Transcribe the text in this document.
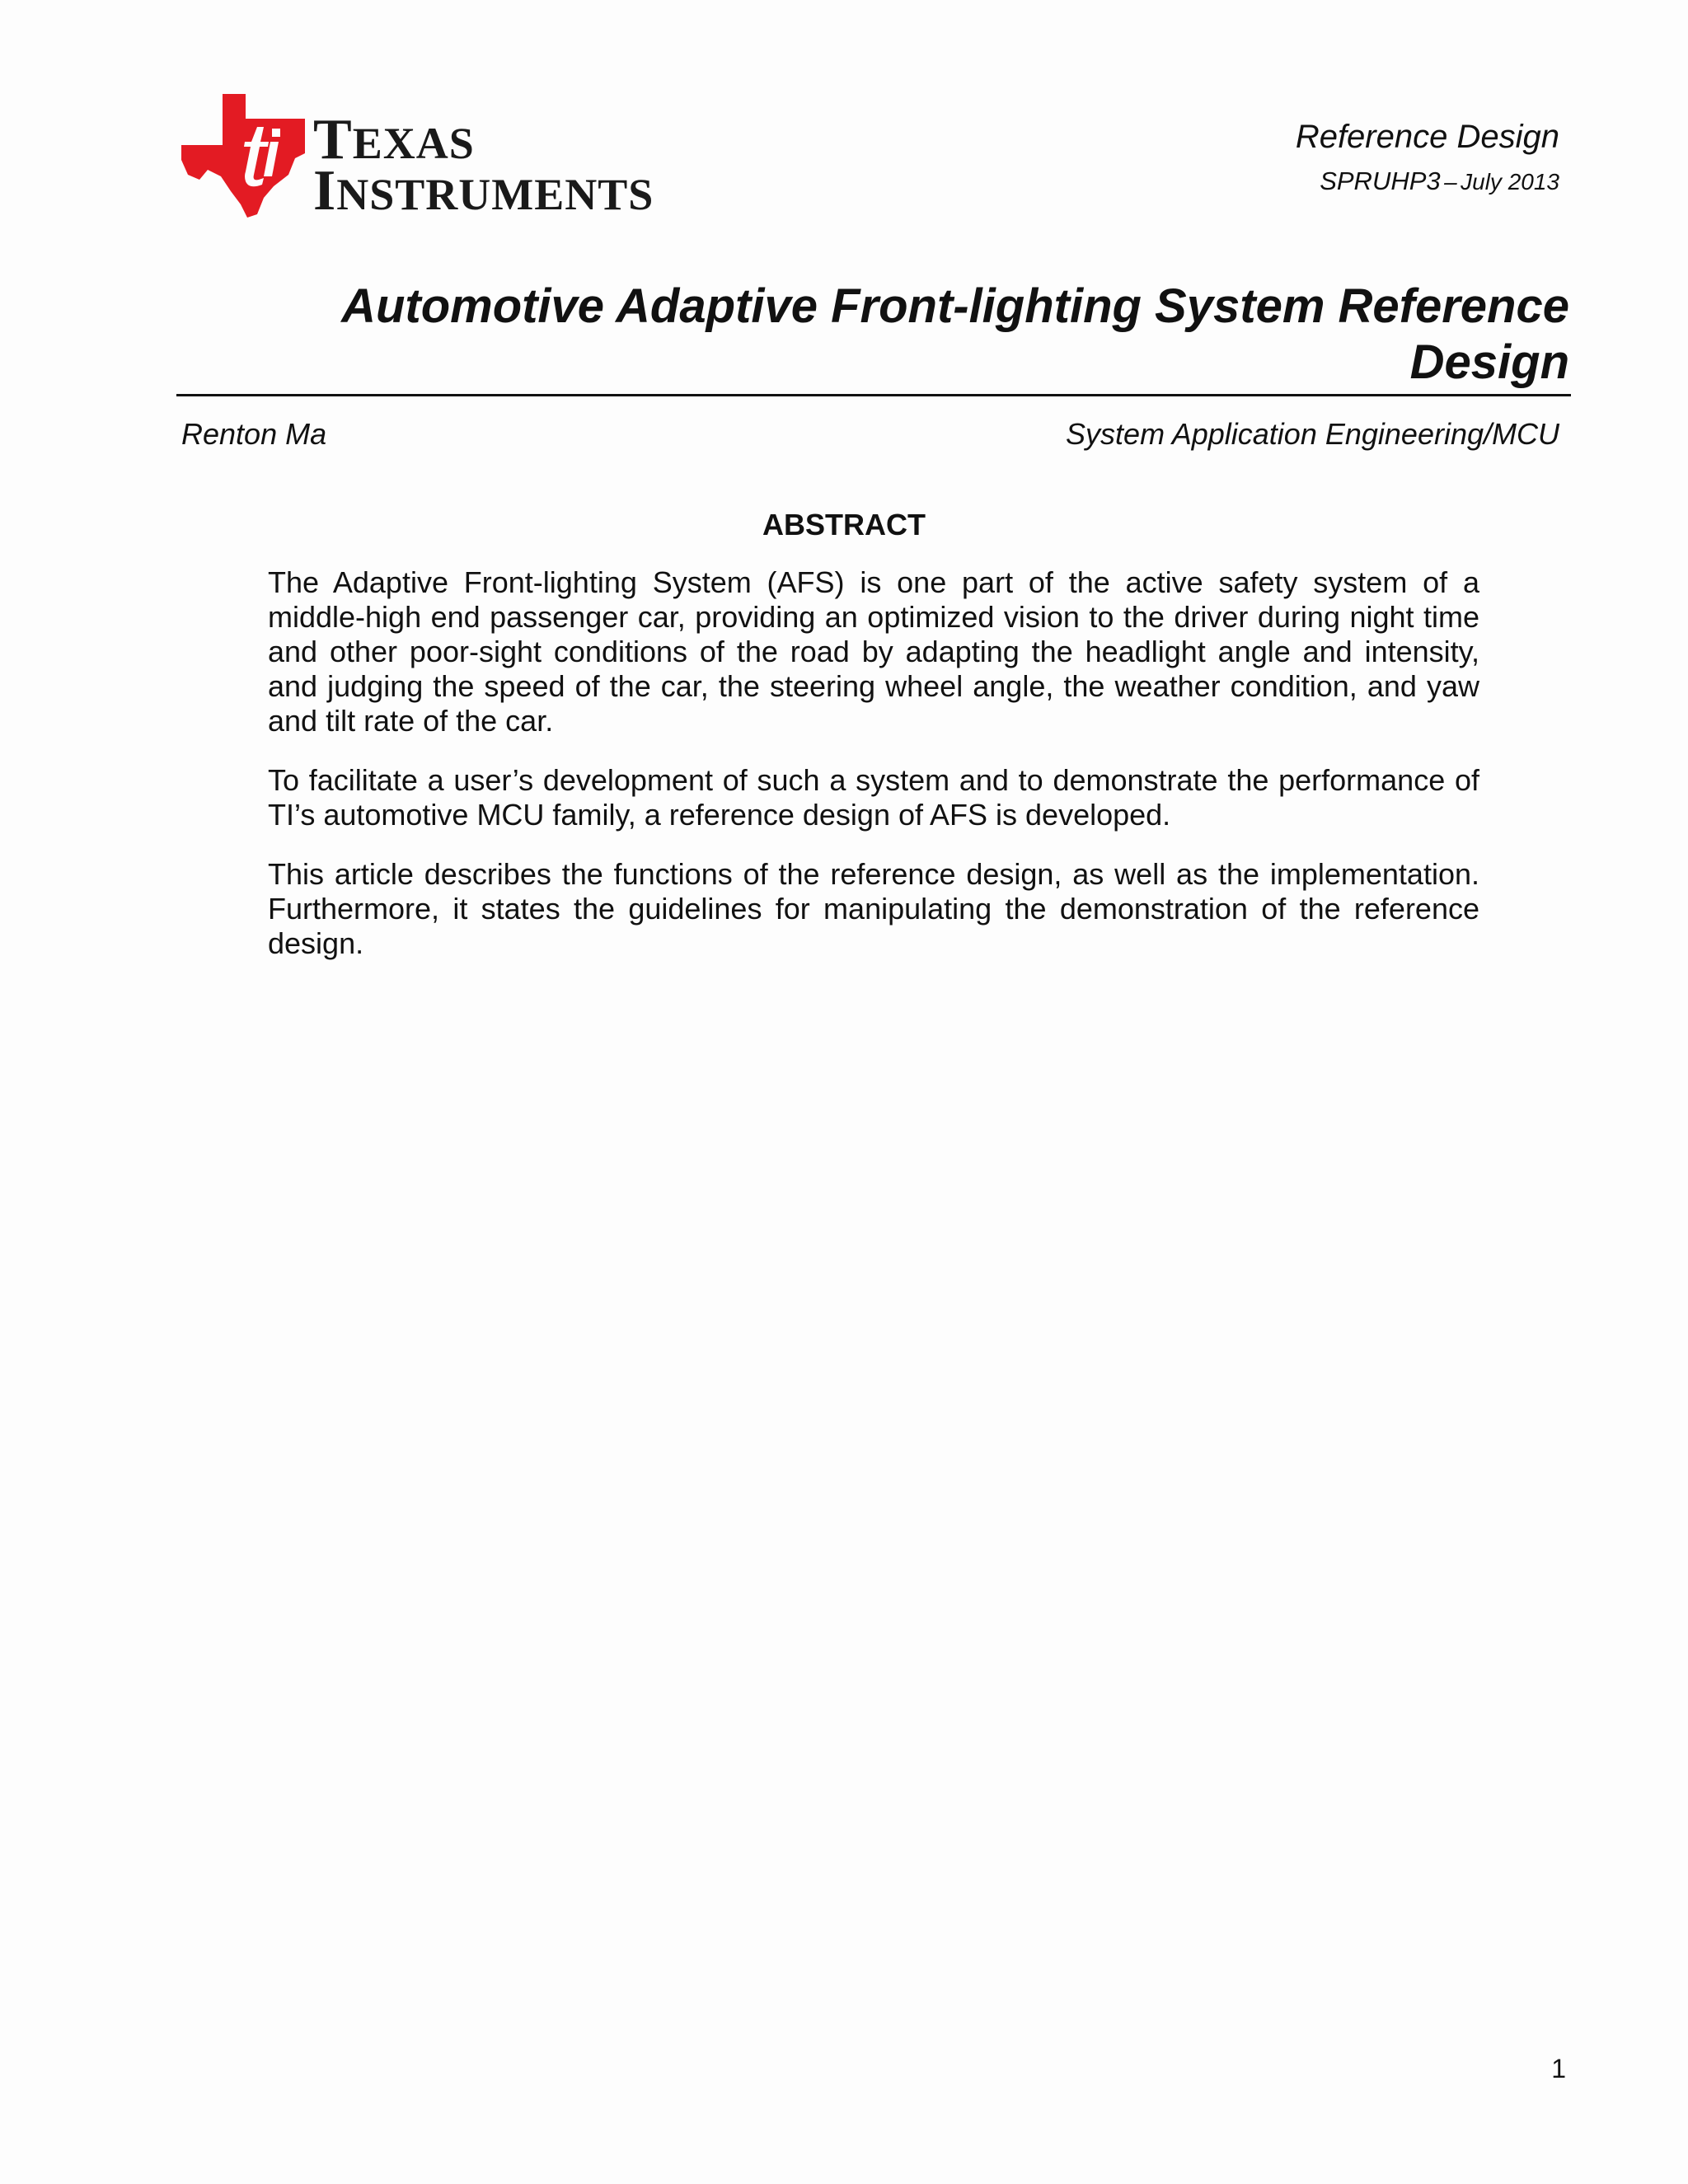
TEXAS
INSTRUMENTS
Reference Design
SPRUHP3 – July 2013
Automotive Adaptive Front-lighting System Reference
Design
Renton Ma	System Application Engineering/MCU
ABSTRACT

The Adaptive Front-lighting System (AFS) is one part of the active safety system of a middle-high end passenger car, providing an optimized vision to the driver during night time and other poor-sight conditions of the road by adapting the headlight angle and intensity, and judging the speed of the car, the steering wheel angle, the weather condition, and yaw and tilt rate of the car.

To facilitate a user’s development of such a system and to demonstrate the performance of TI’s automotive MCU family, a reference design of AFS is developed.

This article describes the functions of the reference design, as well as the implementation. Furthermore, it states the guidelines for manipulating the demonstration of the reference design.

1
